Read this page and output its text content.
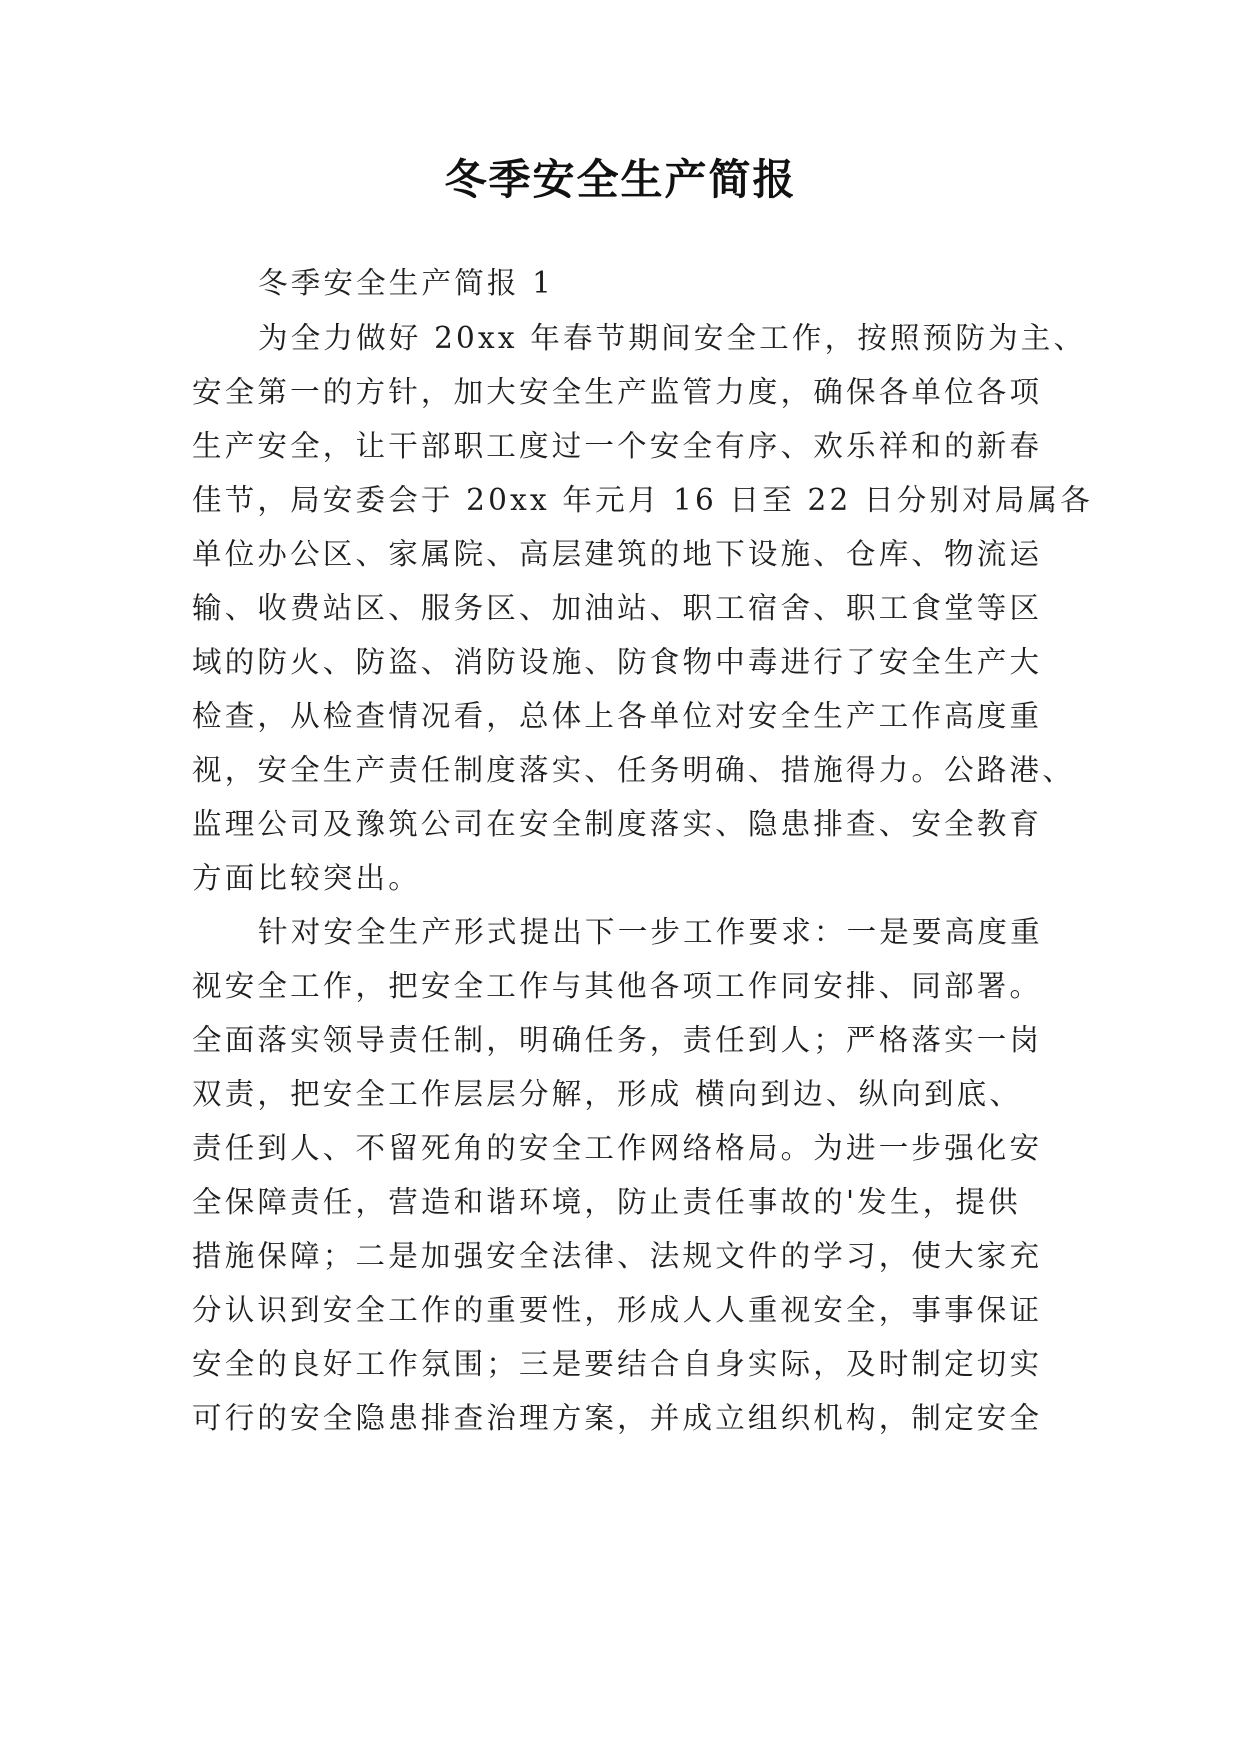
冬季安全生产简报
冬季安全生产简报 1
为全力做好 20xx 年春节期间安全工作，按照预防为主、
安全第一的方针，加大安全生产监管力度，确保各单位各项
生产安全，让干部职工度过一个安全有序、欢乐祥和的新春
佳节，局安委会于 20xx 年元月 16 日至 22 日分别对局属各
单位办公区、家属院、高层建筑的地下设施、仓库、物流运
输、收费站区、服务区、加油站、职工宿舍、职工食堂等区
域的防火、防盗、消防设施、防食物中毒进行了安全生产大
检查，从检查情况看，总体上各单位对安全生产工作高度重
视，安全生产责任制度落实、任务明确、措施得力。公路港、
监理公司及豫筑公司在安全制度落实、隐患排查、安全教育
方面比较突出。
针对安全生产形式提出下一步工作要求：一是要高度重
视安全工作，把安全工作与其他各项工作同安排、同部署。
全面落实领导责任制，明确任务，责任到人；严格落实一岗
双责，把安全工作层层分解，形成 横向到边、纵向到底、
责任到人、不留死角的安全工作网络格局。为进一步强化安
全保障责任，营造和谐环境，防止责任事故的'发生，提供
措施保障；二是加强安全法律、法规文件的学习，使大家充
分认识到安全工作的重要性，形成人人重视安全，事事保证
安全的良好工作氛围；三是要结合自身实际，及时制定切实
可行的安全隐患排查治理方案，并成立组织机构，制定安全
